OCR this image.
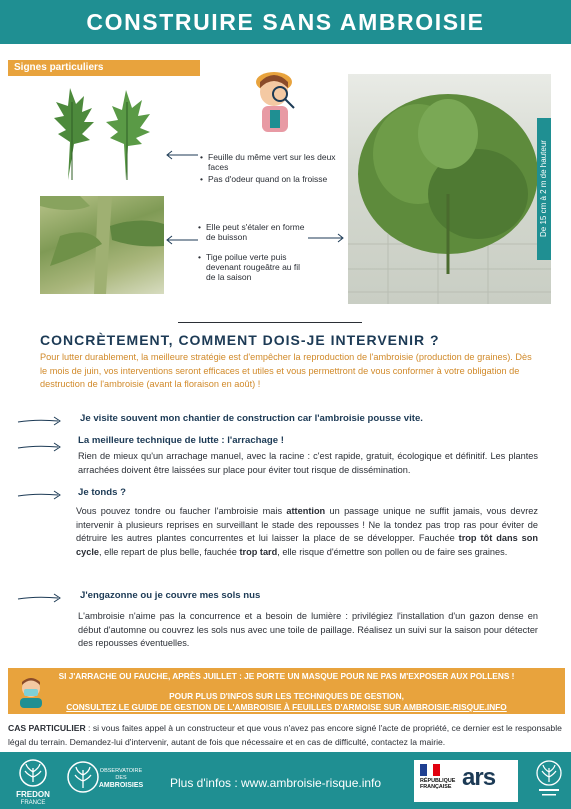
CONSTRUIRE SANS AMBROISIE
Signes particuliers
• Feuille du même vert sur les deux faces
• Pas d'odeur quand on la froisse
• Elle peut s'étaler en forme de buisson
• Tige poilue verte puis devenant rougeâtre au fil de la saison
De 15 cm à 2 m de hauteur
CONCRÈTEMENT, COMMENT DOIS-JE INTERVENIR ?
Pour lutter durablement, la meilleure stratégie est d'empêcher la reproduction de l'ambroisie (production de graines). Dès le mois de juin, vos interventions seront efficaces et utiles et vous permettront de vous conformer à votre obligation de destruction de l'ambroisie (avant la floraison en août) !
Je visite souvent mon chantier de construction car l'ambroisie pousse vite.
La meilleure technique de lutte : l'arrachage !
Rien de mieux qu'un arrachage manuel, avec la racine : c'est rapide, gratuit, écologique et définitif. Les plantes arrachées doivent être laissées sur place pour éviter tout risque de dissémination.
Je tonds ?
Vous pouvez tondre ou faucher l'ambroisie mais attention un passage unique ne suffit jamais, vous devrez intervenir à plusieurs reprises en surveillant le stade des repousses ! Ne la tondez pas trop ras pour éviter de détruire les autres plantes concurrentes et lui laisser la place de se développer. Fauchée trop tôt dans son cycle, elle repart de plus belle, fauchée trop tard, elle risque d'émettre son pollen ou de faire ses graines.
J'engazonne ou je couvre mes sols nus
L'ambroisie n'aime pas la concurrence et a besoin de lumière : privilégiez l'installation d'un gazon dense en début d'automne ou couvrez les sols nus avec une toile de paillage. Réalisez un suivi sur la saison pour détecter des repousses éventuelles.
SI J'ARRACHE OU FAUCHE, APRÈS JUILLET : JE PORTE UN MASQUE POUR NE PAS M'EXPOSER AUX POLLENS !
POUR PLUS D'INFOS SUR LES TECHNIQUES DE GESTION,
CONSULTEZ LE GUIDE DE GESTION DE L'AMBROISIE À FEUILLES D'ARMOISE SUR AMBROISIE-RISQUE.INFO
CAS PARTICULIER : si vous faites appel à un constructeur et que vous n'avez pas encore signé l'acte de propriété, ce dernier est le responsable légal du terrain. Demandez-lui d'intervenir, autant de fois que nécessaire et en cas de difficulté, contactez la mairie.
FREDON
FRANCE
OBSERVATOIRE
DES
AMBROISIES Plus d'infos : www.ambroisie-risque.info	RÉPUBLIQUE FRANÇAISE ars
